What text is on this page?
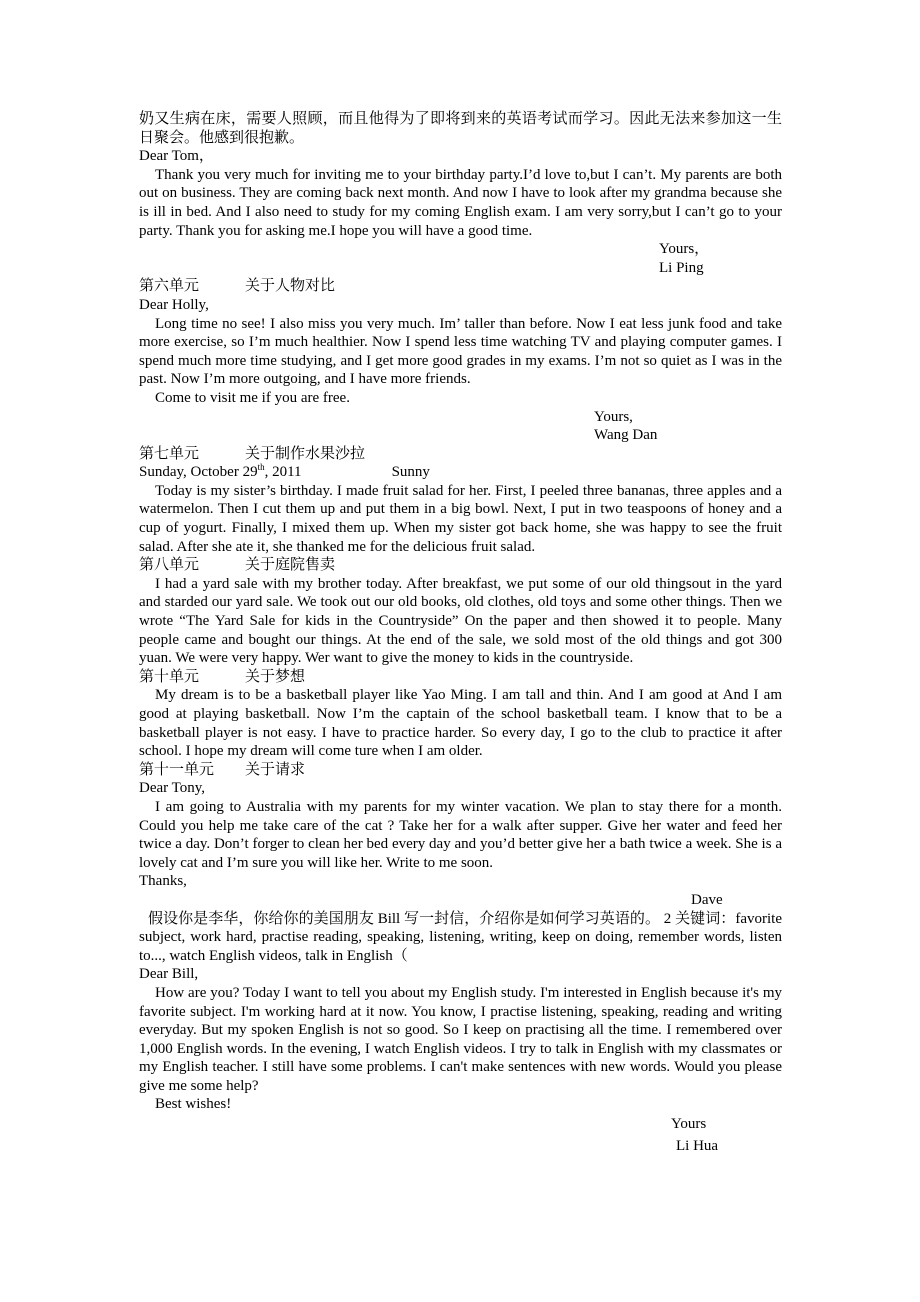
奶又生病在床，需要人照顾，而且他得为了即将到来的英语考试而学习。因此无法来参加这一生日聚会。他感到很抱歉。
Dear Tom，
Thank you very much for inviting me to your birthday party.I’d love to,but I can’t. My parents are both out on business. They are coming back next month. And now I have to look after my grandma because she is ill in bed. And I also need to study for my coming English exam. I am very sorry,but I can’t go to your party. Thank you for asking me.I hope you will have a good time.
Yours，
Li Ping
第六单元	关于人物对比
Dear Holly,
Long time no see! I also miss you very much. Im’ taller than before. Now I eat less junk food and take more exercise, so I’m much healthier. Now I spend less time watching TV and playing computer games. I spend much more time studying, and I get more good grades in my exams. I’m not so quiet as I was in the past. Now I’m more outgoing, and I have more friends.
Come to visit me if you are free.
Yours,
Wang Dan
第七单元	关于制作水果沙拉
Sunday, October 29th, 2011	Sunny
Today is my sister’s birthday. I made fruit salad for her. First, I peeled three bananas, three apples and a watermelon. Then I cut them up and put them in a big bowl. Next, I put in two teaspoons of honey and a cup of yogurt. Finally, I mixed them up. When my sister got back home, she was happy to see the fruit salad. After she ate it, she thanked me for the delicious fruit salad.
第八单元	关于庭院售卖
I had a yard sale with my brother today. After breakfast, we put some of our old thingsout in the yard and starded our yard sale. We took out our old books, old clothes, old toys and some other things. Then we wrote “The Yard Sale for kids in the Countryside” On the paper and then showed it to people. Many people came and bought our things. At the end of the sale, we sold most of the old things and got 300 yuan. We were very happy. Wer want to give the money to kids in the countryside.
第十单元	关于梦想
My dream is to be a basketball player like Yao Ming. I am tall and thin. And I am good at And I am good at playing basketball. Now I’m the captain of the school basketball team. I know that to be a basketball player is not easy. I have to practice harder. So every day, I go to the club to practice it after school. I hope my dream will come ture when I am older.
第十一单元 关于请求
Dear Tony,
I am going to Australia with my parents for my winter vacation. We plan to stay there for a month. Could you help me take care of the cat ? Take her for a walk after supper. Give her water and feed her twice a day. Don’t forger to clean her bed every day and you’d better give her a bath twice a week. She is a lovely cat and I’m sure you will like her. Write to me soon.
Thanks,
Dave
假设你是李华，你给你的美国朋友 Bill 写一封信，介绍你是如何学习英语的。 2 关键词：favorite subject, work hard, practise reading, speaking, listening, writing, keep on doing, remember words, listen to..., watch English videos, talk in English（
Dear Bill,
How are you? Today I want to tell you about my English study. I'm interested in English because it's my favorite subject. I'm working hard at it now. You know, I practise listening, speaking, reading and writing everyday. But my spoken English is not so good. So I keep on practising all the time. I remembered over 1,000 English words. In the evening, I watch English videos. I try to talk in English with my classmates or my English teacher. I still have some problems. I can't make sentences with new words. Would you please give me some help?
Best wishes!
Yours
Li Hua
